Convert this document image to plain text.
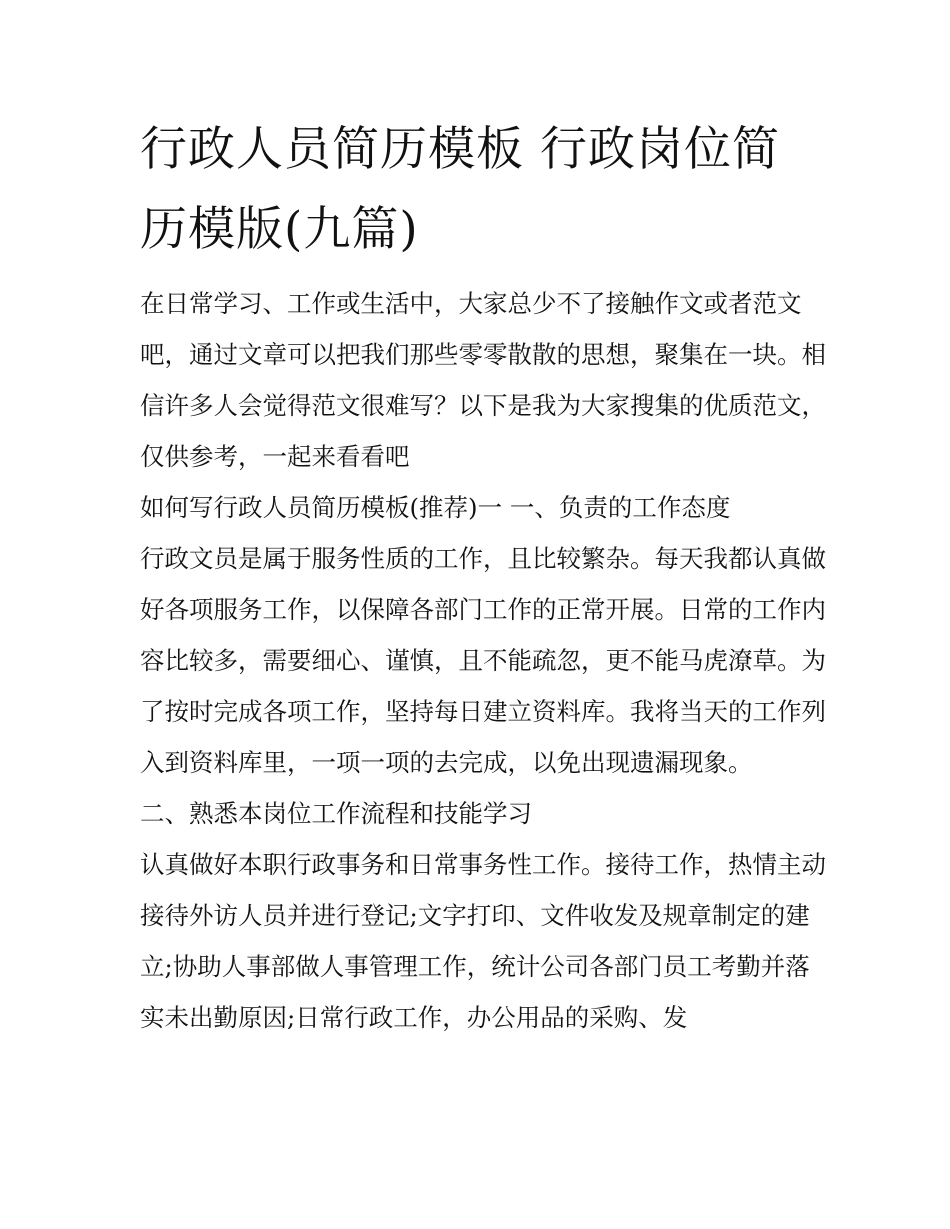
行政人员简历模板 行政岗位简历模版(九篇)

在日常学习、工作或生活中，大家总少不了接触作文或者范文吧，通过文章可以把我们那些零零散散的思想，聚集在一块。相信许多人会觉得范文很难写？以下是我为大家搜集的优质范文，仅供参考，一起来看看吧

如何写行政人员简历模板(推荐)一 一、负责的工作态度

行政文员是属于服务性质的工作，且比较繁杂。每天我都认真做好各项服务工作，以保障各部门工作的正常开展。日常的工作内容比较多，需要细心、谨慎，且不能疏忽，更不能马虎潦草。为了按时完成各项工作，坚持每日建立资料库。我将当天的工作列入到资料库里，一项一项的去完成，以免出现遗漏现象。

二、熟悉本岗位工作流程和技能学习

认真做好本职行政事务和日常事务性工作。接待工作，热情主动接待外访人员并进行登记;文字打印、文件收发及规章制定的建立;协助人事部做人事管理工作，统计公司各部门员工考勤并落实未出勤原因;日常行政工作，办公用品的采购、发
